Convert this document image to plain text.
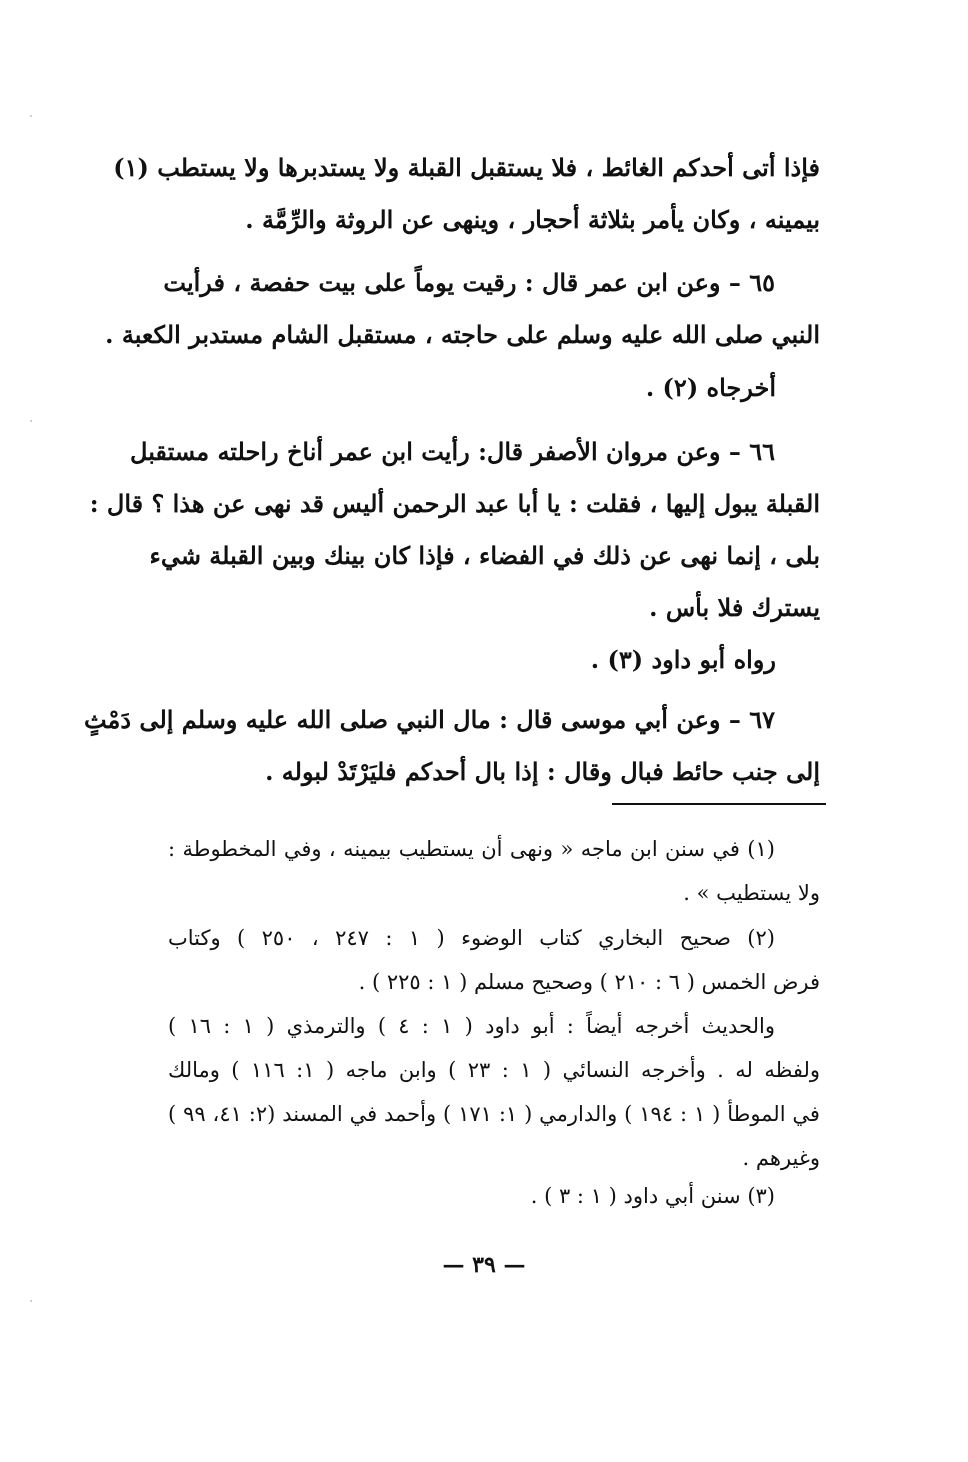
فإذا أتى أحدكم الغائط ، فلا يستقبل القبلة ولا يستدبرها ولا يستطب (١)
بيمينه ، وكان يأمر بثلاثة أحجار ، وينهى عن الروثة والرِّمَّة .
٦٥ – وعن ابن عمر قال : رقيت يوماً على بيت حفصة ، فرأيت
النبي صلى الله عليه وسلم على حاجته ، مستقبل الشام مستدبر الكعبة .
أخرجاه (٢) .
٦٦ – وعن مروان الأصفر قال: رأيت ابن عمر أناخ راحلته مستقبل
القبلة يبول إليها ، فقلت : يا أبا عبد الرحمن أليس قد نهى عن هذا ؟ قال :
بلى ، إنما نهى عن ذلك في الفضاء ، فإذا كان بينك وبين القبلة شيء
يسترك فلا بأس .
رواه أبو داود (٣) .
٦٧ – وعن أبي موسى قال : مال النبي صلى الله عليه وسلم إلى دَمْثٍ
إلى جنب حائط فبال وقال : إذا بال أحدكم فليَرْتَدْ لبوله .
(١) في سنن ابن ماجه « ونهى أن يستطيب بيمينه ، وفي المخطوطة :
ولا يستطيب » .
(٢) صحيح البخاري كتاب الوضوء ( ١ : ٢٤٧ ، ٢٥٠ ) وكتاب
فرض الخمس ( ٦ : ٢١٠ ) وصحيح مسلم ( ١ : ٢٢٥ ) .
والحديث أخرجه أيضاً : أبو داود ( ١ : ٤ ) والترمذي ( ١ : ١٦ )
ولفظه له . وأخرجه النسائي ( ١ : ٢٣ ) وابن ماجه ( ١: ١١٦ ) ومالك
في الموطأ ( ١ : ١٩٤ ) والدارمي ( ١: ١٧١ ) وأحمد في المسند (٢: ٤١، ٩٩ )
وغيرهم .
(٣) سنن أبي داود ( ١ : ٣ ) .
— ٣٩ —
